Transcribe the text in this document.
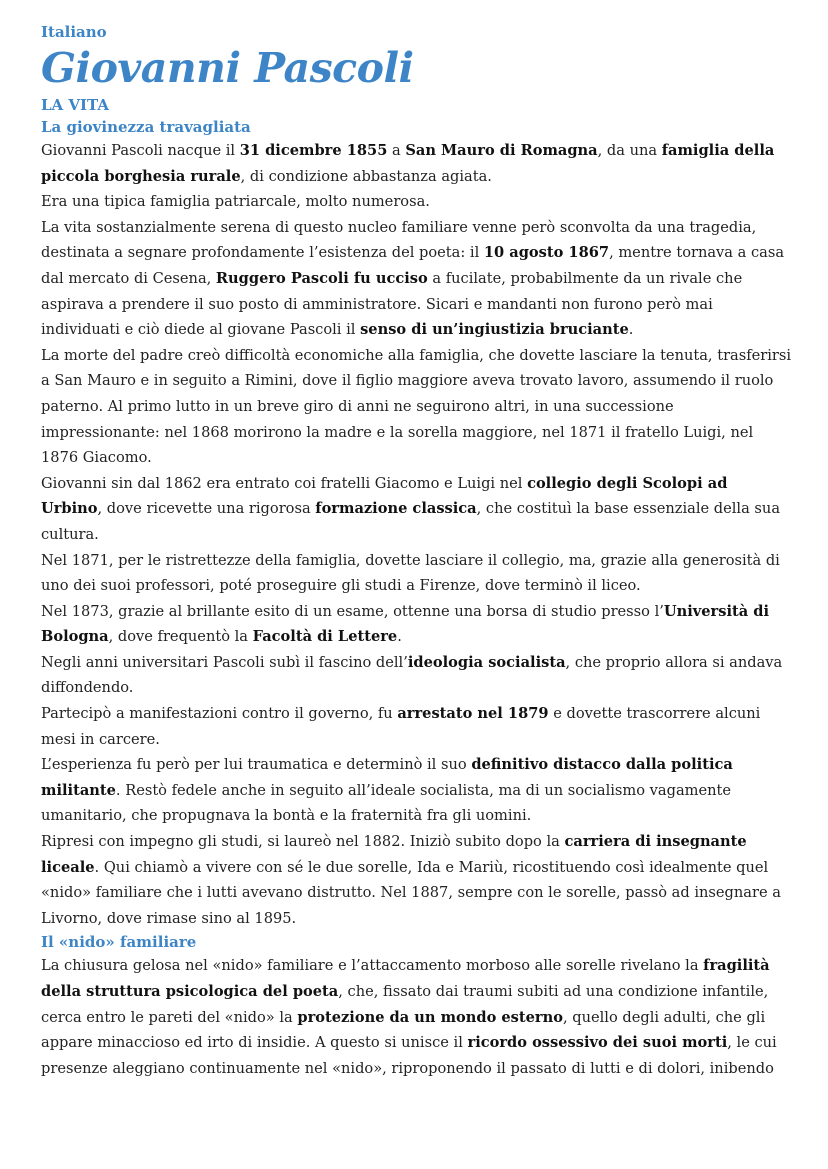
Italiano

Giovanni Pascoli
LA VITA
La giovinezza travagliata

Giovanni Pascoli nacque il 31 dicembre 1855 a San Mauro di Romagna, da una famiglia della piccola borghesia rurale, di condizione abbastanza agiata.

Era una tipica famiglia patriarcale, molto numerosa.

La vita sostanzialmente serena di questo nucleo familiare venne però sconvolta da una tragedia, destinata a segnare profondamente l’esistenza del poeta: il 10 agosto 1867, mentre tornava a casa dal mercato di Cesena, Ruggero Pascoli fu ucciso a fucilate, probabilmente da un rivale che aspirava a prendere il suo posto di amministratore. Sicari e mandanti non furono però mai individuati e ciò diede al giovane Pascoli il senso di un’ingiustizia bruciante.

La morte del padre creò difficoltà economiche alla famiglia, che dovette lasciare la tenuta, trasferirsi a San Mauro e in seguito a Rimini, dove il figlio maggiore aveva trovato lavoro, assumendo il ruolo paterno. Al primo lutto in un breve giro di anni ne seguirono altri, in una successione impressionante: nel 1868 morirono la madre e la sorella maggiore, nel 1871 il fratello Luigi, nel 1876 Giacomo.

Giovanni sin dal 1862 era entrato coi fratelli Giacomo e Luigi nel collegio degli Scolopi ad Urbino, dove ricevette una rigorosa formazione classica, che costituì la base essenziale della sua cultura.

Nel 1871, per le ristrettezze della famiglia, dovette lasciare il collegio, ma, grazie alla generosità di uno dei suoi professori, poté proseguire gli studi a Firenze, dove terminò il liceo.

Nel 1873, grazie al brillante esito di un esame, ottenne una borsa di studio presso l’Università di Bologna, dove frequentò la Facoltà di Lettere.

Negli anni universitari Pascoli subì il fascino dell’ideologia socialista, che proprio allora si andava diffondendo.

Partecipò a manifestazioni contro il governo, fu arrestato nel 1879 e dovette trascorrere alcuni mesi in carcere.

L’esperienza fu però per lui traumatica e determinò il suo definitivo distacco dalla politica militante. Restò fedele anche in seguito all’ideale socialista, ma di un socialismo vagamente umanitario, che propugnava la bontà e la fraternità fra gli uomini.

Ripresi con impegno gli studi, si laureò nel 1882. Iniziò subito dopo la carriera di insegnante liceale. Qui chiamò a vivere con sé le due sorelle, Ida e Mariù, ricostituendo così idealmente quel «nido» familiare che i lutti avevano distrutto. Nel 1887, sempre con le sorelle, passò ad insegnare a Livorno, dove rimase sino al 1895.

Il «nido» familiare

La chiusura gelosa nel «nido» familiare e l’attaccamento morboso alle sorelle rivelano la fragilità della struttura psicologica del poeta, che, fissato dai traumi subiti ad una condizione infantile, cerca entro le pareti del «nido» la protezione da un mondo esterno, quello degli adulti, che gli appare minaccioso ed irto di insidie. A questo si unisce il ricordo ossessivo dei suoi morti, le cui presenze aleggiano continuamente nel «nido», riproponendo il passato di lutti e di dolori, inibendo
